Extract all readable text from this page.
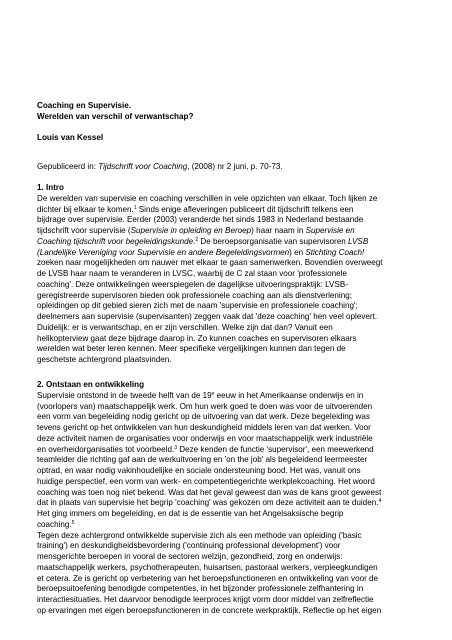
Coaching en Supervisie.
Werelden van verschil of verwantschap?
Louis van Kessel
Gepubliceerd in: Tijdschrift voor Coaching, (2008) nr 2 juni, p. 70-73.
1. Intro
De werelden van supervisie en coaching verschillen in vele opzichten van elkaar. Toch lijken ze
dichter bij elkaar te komen.$^1$ Sinds enige afleveringen publiceert dit tijdschrift telkens een
bijdrage over supervisie. Eerder (2003) veranderde het sinds 1983 in Nederland bestaande
tijdschrift voor supervisie (Supervisie in opleiding en Beroep) haar naam in Supervisie en
Coaching tijdschrift voor begeleidingskunde.$^2$ De beroepsorganisatie van supervisoren LVSB
(Landelijke Vereniging voor Supervisie en andere Begeleidingsvormen) en Stichting Coach!
zoeken naar mogelijkheden om nauwer met elkaar te gaan samenwerken. Bovendien overweegt
de LVSB haar naam te veranderen in LVSC, waarbij de C zal staan voor 'professionele
coaching'. Deze ontwikkelingen weerspiegelen de dagelijkse uitvoeringspraktijk: LVSB-
geregistreerde supervisoren bieden ook professionele coaching aan als dienstverlening;
opleidingen op dit gebied sieren zich met de naam 'supervisie en professionele coaching';
deelnemers aan supervisie (supervisanten) zeggen vaak dat 'deze coaching' hen veel oplevert.
Duidelijk: er is verwantschap, en er zijn verschillen. Welke zijn dat dan? Vanuit een
helikopterview gaat deze bijdrage daarop in. Zo kunnen coaches en supervisoren elkaars
werelden wat beter leren kennen. Meer specifieke vergelijkingen kunnen dan tegen de
geschetste achtergrond plaatsvinden.
2. Ontstaan en ontwikkeling
Supervisie ontstond in de tweede helft van de 19e eeuw in het Amerikaanse onderwijs en in
(voorlopers van) maatschappelijk werk. Om hun werk goed te doen was voor de uitvoerenden
een vorm van begeleiding nodig gericht op de uitvoering van dat werk. Deze begeleiding was
tevens gericht op het ontwikkelen van hun deskundigheid middels leren van dat werken. Voor
deze activiteit namen de organisaties voor onderwijs en voor maatschappelijk werk industriële
en overheidorganisaties tot voorbeeld.$^3$ Deze kenden de functie 'supervisor', een meewerkend
teamleider die richting gaf aan de werkuitvoering en 'on the job' als begeleidend leermeester
optrad, en waar nodig vakinhoudelijke en sociale ondersteuning bood. Het was, vanuit ons
huidige perspectief, een vorm van werk- en competentiegerichte werkplekcoaching. Het woord
coaching was toen nog niet bekend. Was dat het geval geweest dan was de kans groot geweest
dat in plaats van supervisie het begrip 'coaching' was gekozen om deze activiteit aan te duiden.$^4$
Het ging immers om begeleiding, en dat is de essentie van het Angelsaksische begrip
coaching.$^5$
Tegen deze achtergrond ontwikkelde supervisie zich als een methode van opleiding ('basic
training') en deskundigheidsbevordering ('continuing professional development') voor
mensgerichte beroepen in vooral de sectoren welzijn, gezondheid, zorg en onderwijs:
maatschappelijk werkers, psychotherapeuten, huisartsen, pastoraal werkers, verpleegkundigen
et cetera. Ze is gericht op verbetering van het beroepsfunctioneren en ontwikkeling van voor de
beroepsuitoefening benodigde competenties, in het bijzonder professionele zelfhantering in
interactiesituaties. Het daarvoor benodigde leerproces krijgt vorm door middel van zelfreflectie
op ervaringen met eigen beroepsfunctioneren in de concrete werkpraktijk. Reflectie op het eigen
